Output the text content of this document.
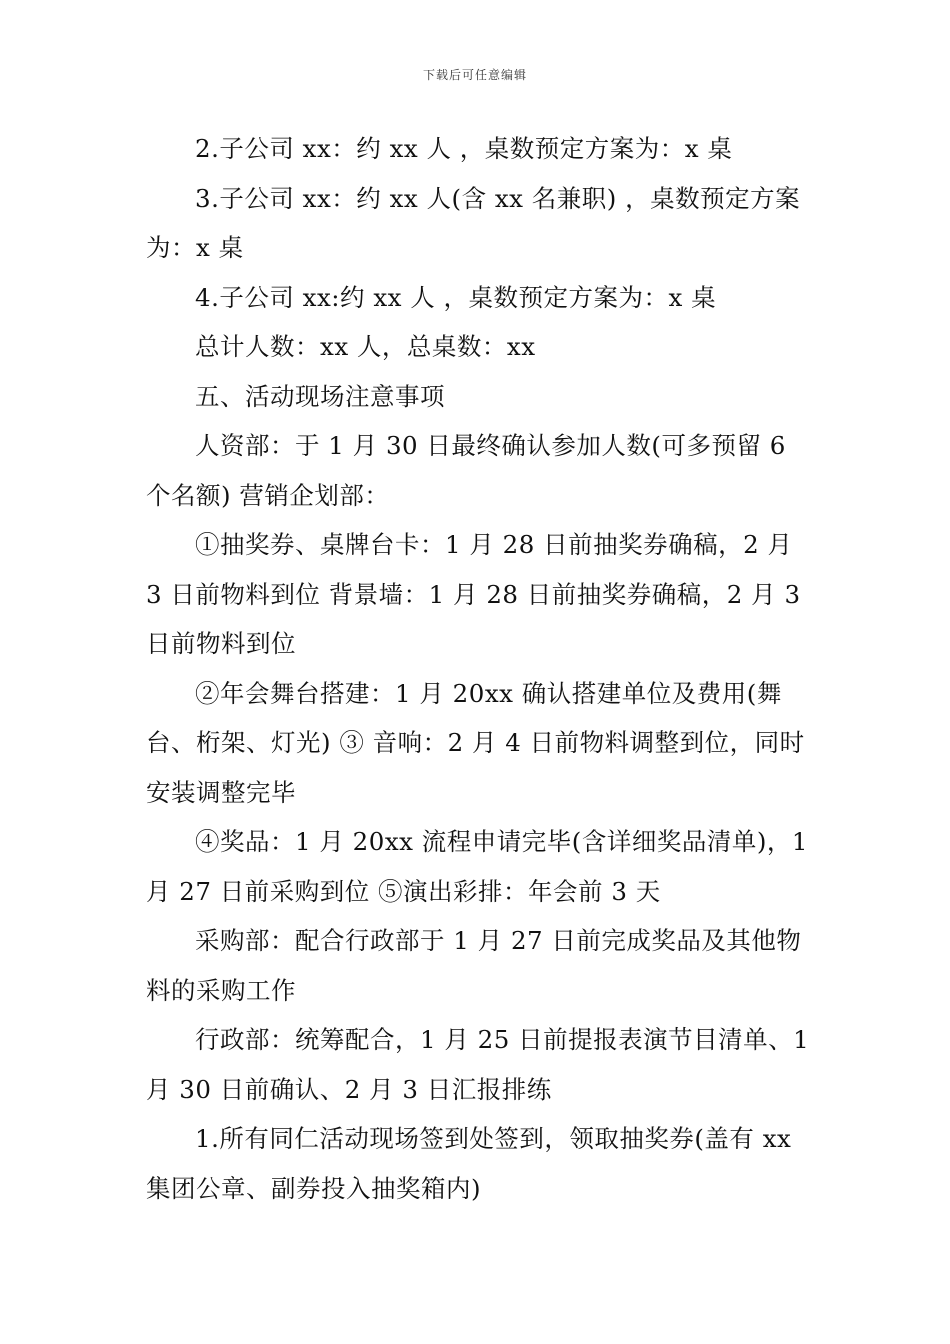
下载后可任意编辑

2.子公司 xx：约 xx 人 ，桌数预定方案为：x 桌

3.子公司 xx：约 xx 人(含 xx 名兼职) ，桌数预定方案为：x 桌

4.子公司 xx:约 xx 人 ，桌数预定方案为：x 桌

总计人数：xx 人，总桌数：xx

五、活动现场注意事项

人资部：于 1 月 30 日最终确认参加人数(可多预留 6 个名额) 营销企划部：

①抽奖券、桌牌台卡：1 月 28 日前抽奖券确稿，2 月 3 日前物料到位 背景墙：1 月 28 日前抽奖券确稿，2 月 3 日前物料到位

②年会舞台搭建：1 月 20xx 确认搭建单位及费用(舞台、桁架、灯光) ③ 音响：2 月 4 日前物料调整到位，同时安装调整完毕

④奖品：1 月 20xx 流程申请完毕(含详细奖品清单)，1 月 27 日前采购到位 ⑤演出彩排：年会前 3 天

采购部：配合行政部于 1 月 27 日前完成奖品及其他物料的采购工作

行政部：统筹配合，1 月 25 日前提报表演节目清单、1 月 30 日前确认、2 月 3 日汇报排练

1.所有同仁活动现场签到处签到，领取抽奖券(盖有 xx 集团公章、副券投入抽奖箱内)
